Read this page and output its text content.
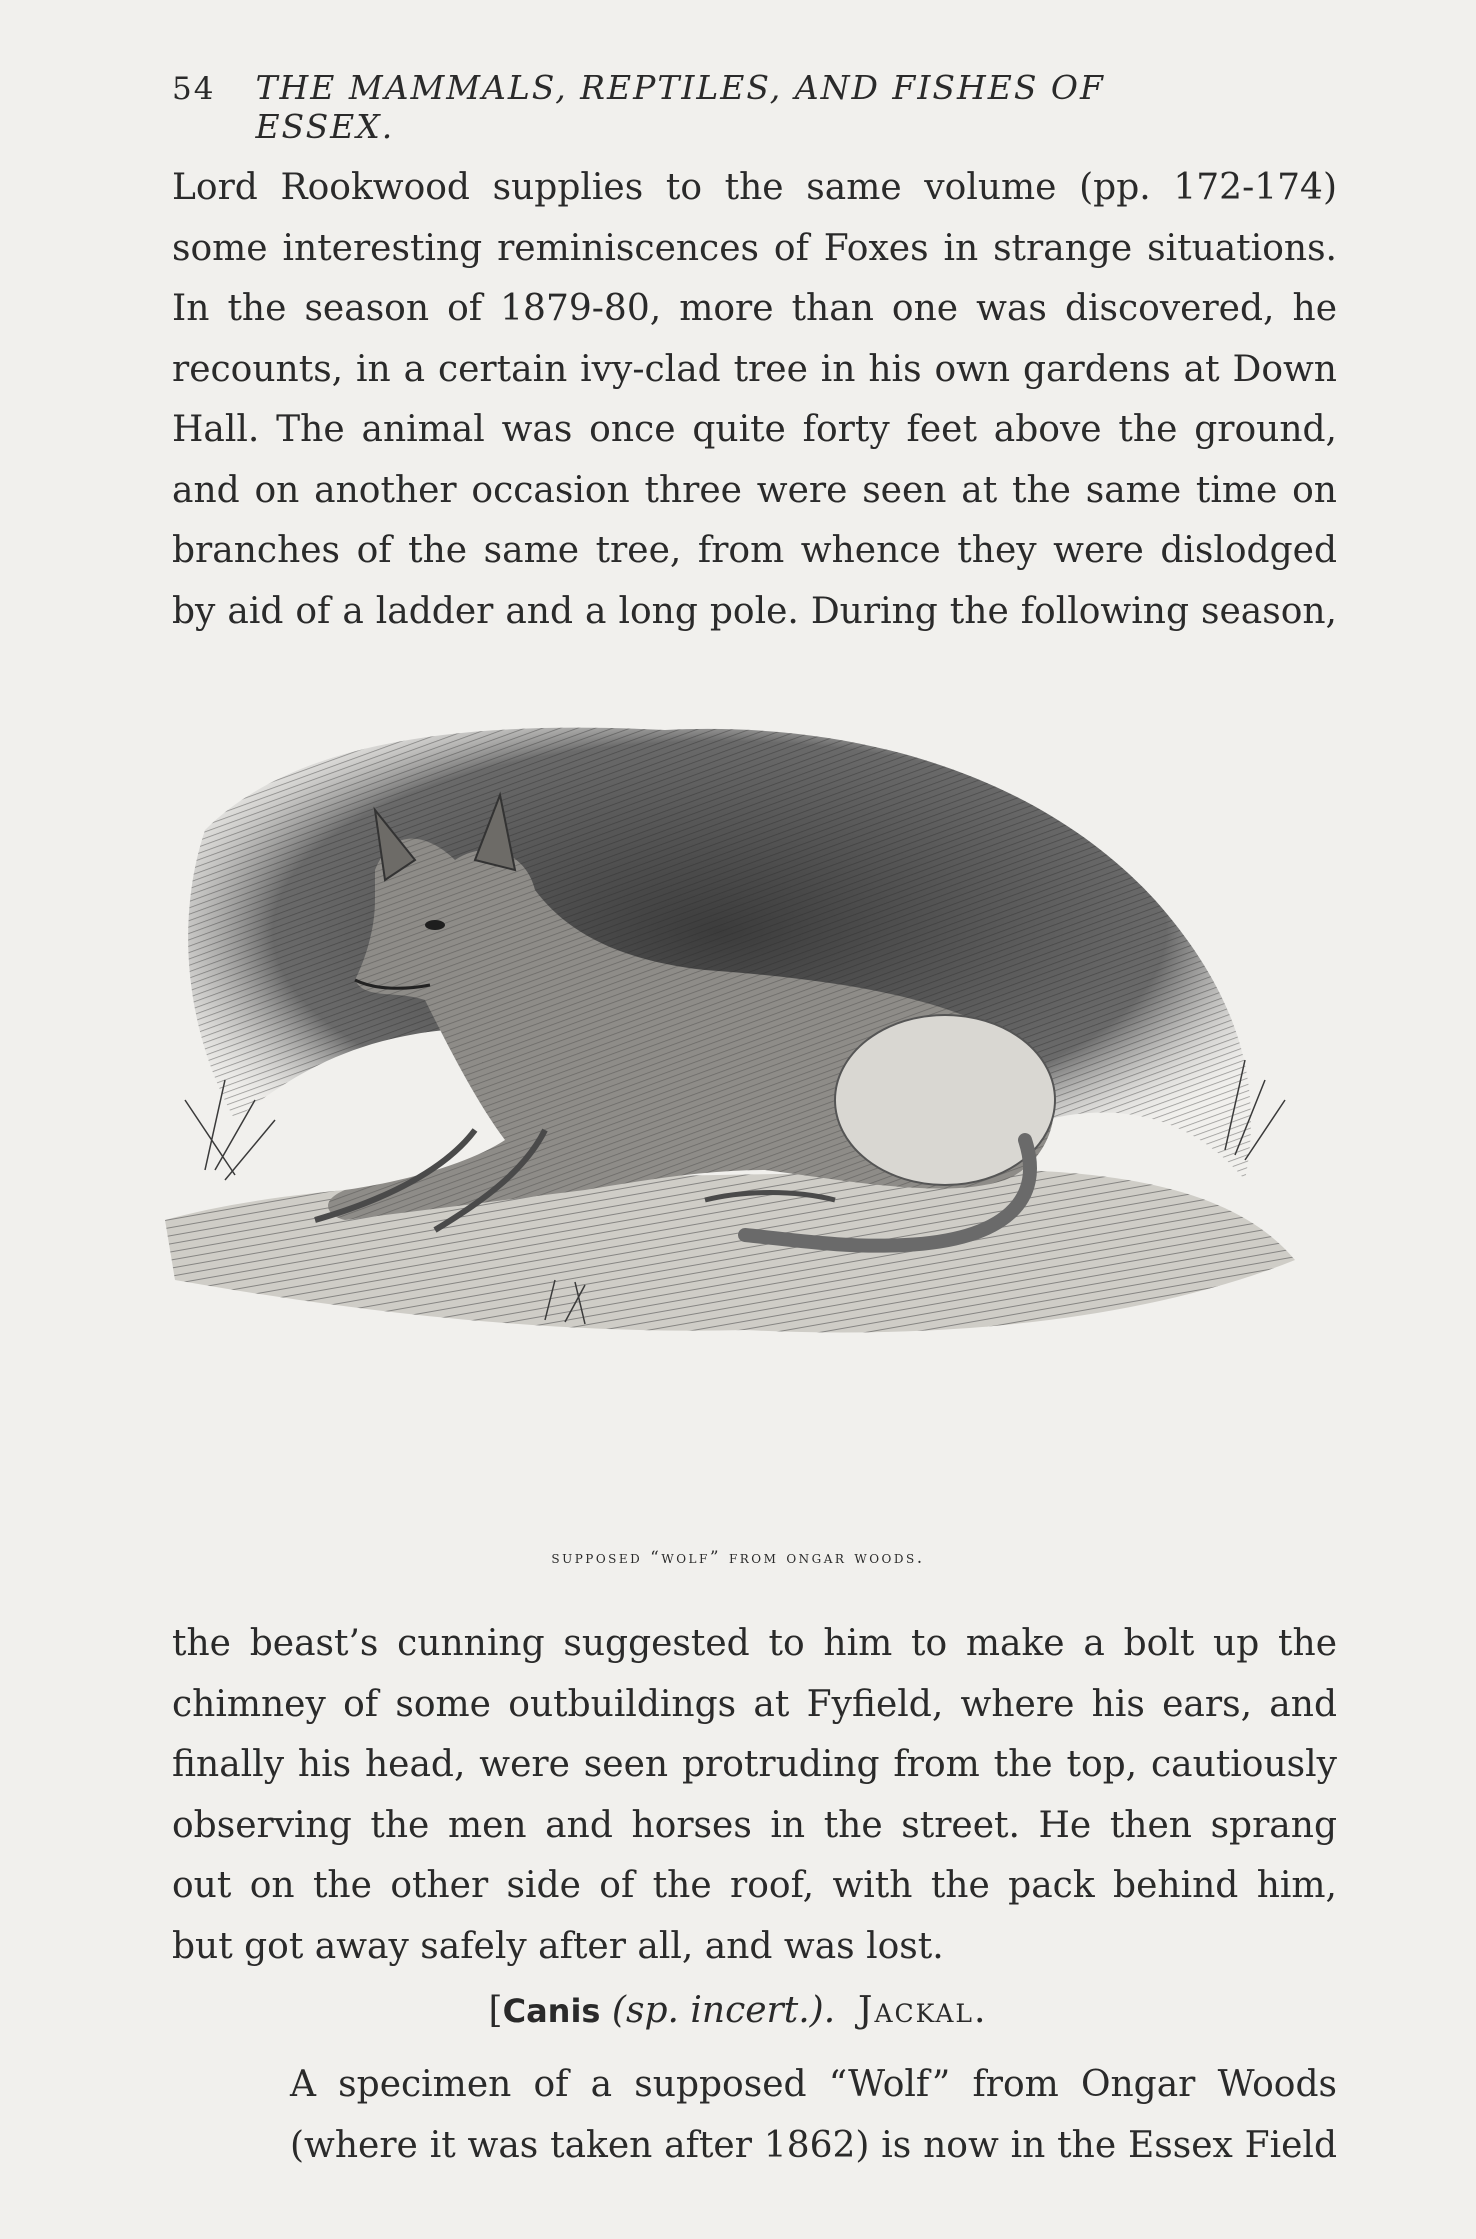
54 THE MAMMALS, REPTILES, AND FISHES OF ESSEX.
Lord Rookwood supplies to the same volume (pp. 172-174)
some interesting reminiscences of Foxes in strange situations.
In the season of 1879-80, more than one was discovered, he
recounts, in a certain ivy-clad tree in his own gardens at Down
Hall. The animal was once quite forty feet above the ground,
and on another occasion three were seen at the same time on
branches of the same tree, from whence they were dislodged
by aid of a ladder and a long pole. During the following season,
supposed “wolf” from ongar woods.
the beast’s cunning suggested to him to make a bolt up the
chimney of some outbuildings at Fyfield, where his ears, and
finally his head, were seen protruding from the top, cautiously
observing the men and horses in the street. He then sprang
out on the other side of the roof, with the pack behind him,
but got away safely after all, and was lost.
[Canis (sp. incert.). Jackal.
A specimen of a supposed “Wolf” from Ongar Woods
(where it was taken after 1862) is now in the Essex Field
